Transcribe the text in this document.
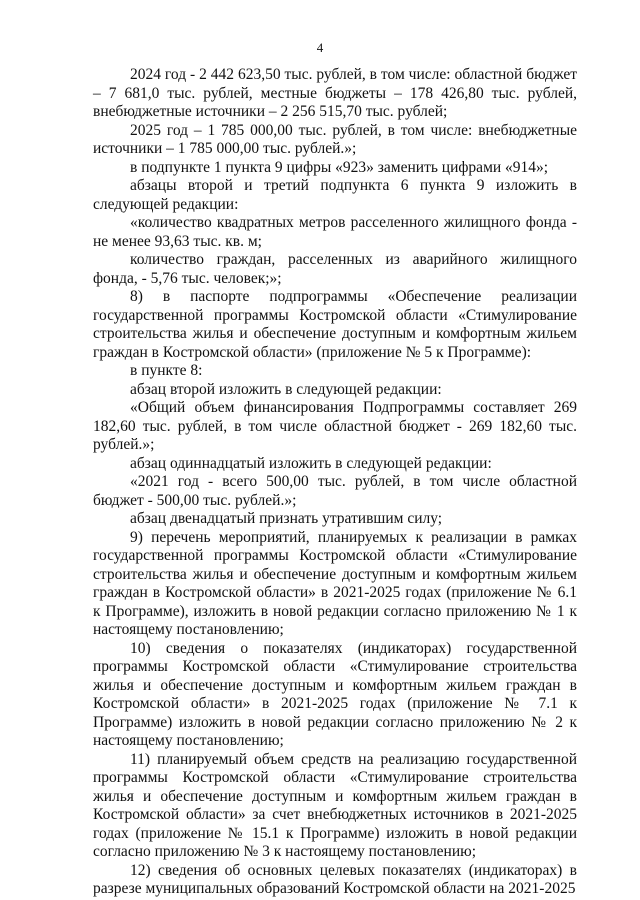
4

2024 год - 2 442 623,50 тыс. рублей, в том числе: областной бюджет – 7 681,0 тыс. рублей, местные бюджеты – 178 426,80 тыс. рублей, внебюджетные источники – 2 256 515,70 тыс. рублей;

2025 год – 1 785 000,00 тыс. рублей, в том числе: внебюджетные источники – 1 785 000,00 тыс. рублей.»;

в подпункте 1 пункта 9 цифры «923» заменить цифрами «914»;

абзацы второй и третий подпункта 6 пункта 9 изложить в следующей редакции:

«количество квадратных метров расселенного жилищного фонда - не менее 93,63 тыс. кв. м;

количество граждан, расселенных из аварийного жилищного фонда, - 5,76 тыс. человек;»;

8) в паспорте подпрограммы «Обеспечение реализации государственной программы Костромской области «Стимулирование строительства жилья и обеспечение доступным и комфортным жильем граждан в Костромской области» (приложение № 5 к Программе):

в пункте 8:

абзац второй изложить в следующей редакции:

«Общий объем финансирования Подпрограммы составляет 269 182,60 тыс. рублей, в том числе областной бюджет - 269 182,60 тыс. рублей.»;

абзац одиннадцатый изложить в следующей редакции:

«2021 год - всего 500,00 тыс. рублей, в том числе областной бюджет - 500,00 тыс. рублей.»;

абзац двенадцатый признать утратившим силу;

9) перечень мероприятий, планируемых к реализации в рамках государственной программы Костромской области «Стимулирование строительства жилья и обеспечение доступным и комфортным жильем граждан в Костромской области» в 2021-2025 годах (приложение № 6.1 к Программе), изложить в новой редакции согласно приложению № 1 к настоящему постановлению;

10) сведения о показателях (индикаторах) государственной программы Костромской области «Стимулирование строительства жилья и обеспечение доступным и комфортным жильем граждан в Костромской области» в 2021-2025 годах (приложение № 7.1 к Программе) изложить в новой редакции согласно приложению № 2 к настоящему постановлению;

11) планируемый объем средств на реализацию государственной программы Костромской области «Стимулирование строительства жилья и обеспечение доступным и комфортным жильем граждан в Костромской области» за счет внебюджетных источников в 2021-2025 годах (приложение № 15.1 к Программе) изложить в новой редакции согласно приложению № 3 к настоящему постановлению;

12) сведения об основных целевых показателях (индикаторах) в разрезе муниципальных образований Костромской области на 2021-2025
